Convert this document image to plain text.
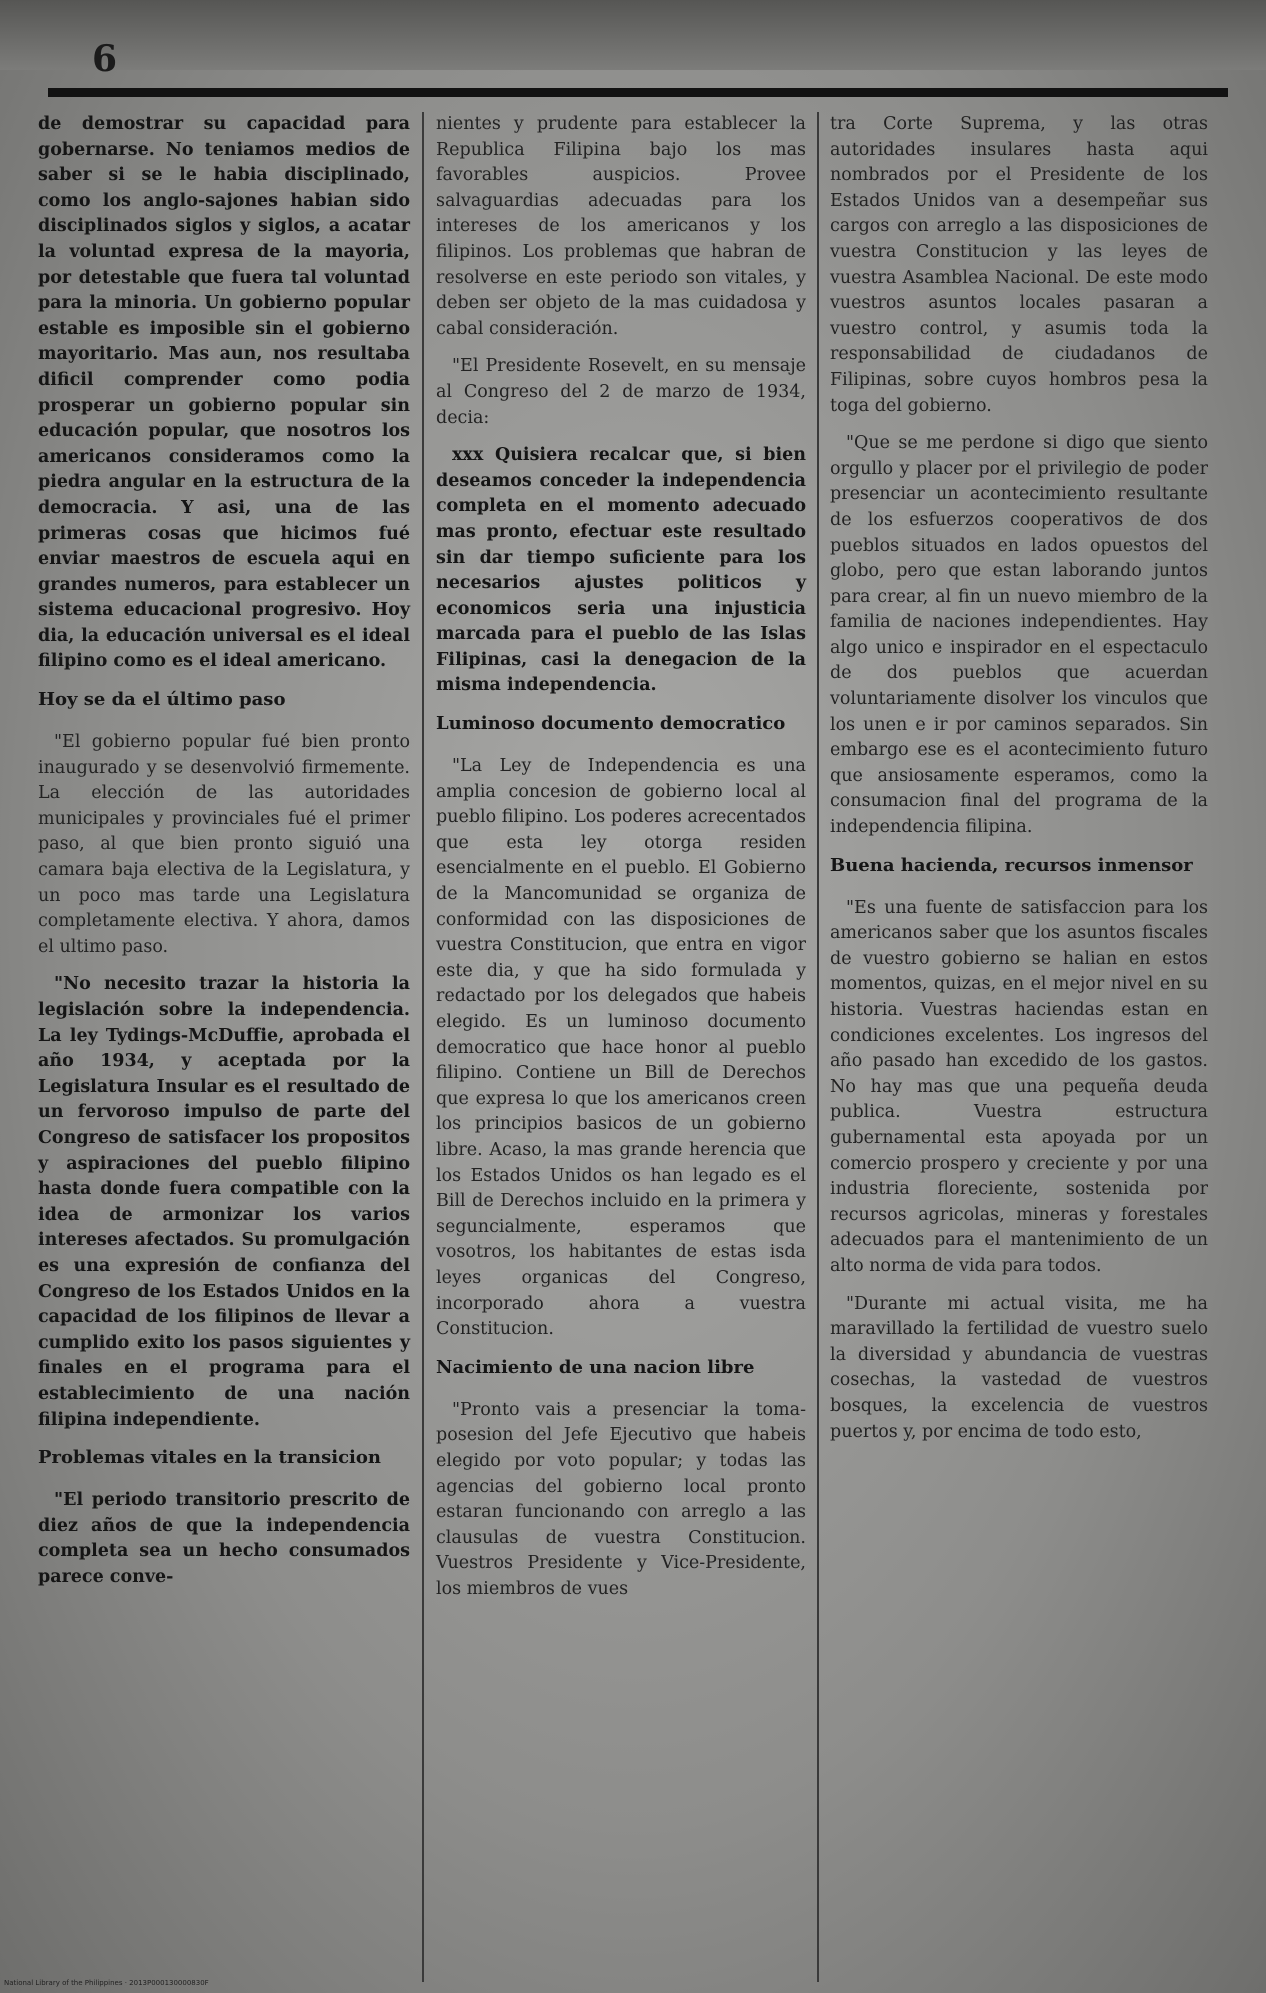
6

de demostrar su capacidad para gobernarse. No teniamos medios de saber si se le habia disciplinado, como los anglo-sajones habian sido disciplinados siglos y siglos, a acatar la voluntad expresa de la mayoria, por detestable que fuera tal voluntad para la minoria. Un gobierno popular estable es imposible sin el gobierno mayoritario. Mas aun, nos resultaba dificil comprender como podia prosperar un gobierno popular sin educación popular, que nosotros los americanos consideramos como la piedra angular en la estructura de la democracia. Y asi, una de las primeras cosas que hicimos fué enviar maestros de escuela aqui en grandes numeros, para establecer un sistema educacional progresivo. Hoy dia, la educación universal es el ideal filipino como es el ideal americano.

Hoy se da el último paso

"El gobierno popular fué bien pronto inaugurado y se desenvolvió firmemente. La elección de las autoridades municipales y provinciales fué el primer paso, al que bien pronto siguió una camara baja electiva de la Legislatura, y un poco mas tarde una Legislatura completamente electiva. Y ahora, damos el ultimo paso.

"No necesito trazar la historia la legislación sobre la independencia. La ley Tydings-McDuffie, aprobada el año 1934, y aceptada por la Legislatura Insular es el resultado de un fervoroso impulso de parte del Congreso de satisfacer los propositos y aspiraciones del pueblo filipino hasta donde fuera compatible con la idea de armonizar los varios intereses afectados. Su promulgación es una expresión de confianza del Congreso de los Estados Unidos en la capacidad de los filipinos de llevar a cumplido exito los pasos siguientes y finales en el programa para el establecimiento de una nación filipina independiente.

Problemas vitales en la transicion

"El periodo transitorio prescrito de diez años de que la independencia completa sea un hecho consumados parece conve-

nientes y prudente para establecer la Republica Filipina bajo los mas favorables auspicios. Provee salvaguardias adecuadas para los intereses de los americanos y los filipinos. Los problemas que habran de resolverse en este periodo son vitales, y deben ser objeto de la mas cuidadosa y cabal consideración.

"El Presidente Rosevelt, en su mensaje al Congreso del 2 de marzo de 1934, decia:

xxx Quisiera recalcar que, si bien deseamos conceder la independencia completa en el momento adecuado mas pronto, efectuar este resultado sin dar tiempo suficiente para los necesarios ajustes politicos y economicos seria una injusticia marcada para el pueblo de las Islas Filipinas, casi la denegacion de la misma independencia.

Luminoso documento democratico

"La Ley de Independencia es una amplia concesion de gobierno local al pueblo filipino. Los poderes acrecentados que esta ley otorga residen esencialmente en el pueblo. El Gobierno de la Mancomunidad se organiza de conformidad con las disposiciones de vuestra Constitucion, que entra en vigor este dia, y que ha sido formulada y redactado por los delegados que habeis elegido. Es un luminoso documento democratico que hace honor al pueblo filipino. Contiene un Bill de Derechos que expresa lo que los americanos creen los principios basicos de un gobierno libre. Acaso, la mas grande herencia que los Estados Unidos os han legado es el Bill de Derechos incluido en la primera y seguncialmente, esperamos que vosotros, los habitantes de estas isda leyes organicas del Congreso, incorporado ahora a vuestra Constitucion.

Nacimiento de una nacion libre

"Pronto vais a presenciar la toma-posesion del Jefe Ejecutivo que habeis elegido por voto popular; y todas las agencias del gobierno local pronto estaran funcionando con arreglo a las clausulas de vuestra Constitucion. Vuestros Presidente y Vice-Presidente, los miembros de vues

tra Corte Suprema, y las otras autoridades insulares hasta aqui nombrados por el Presidente de los Estados Unidos van a desempeñar sus cargos con arreglo a las disposiciones de vuestra Constitucion y las leyes de vuestra Asamblea Nacional. De este modo vuestros asuntos locales pasaran a vuestro control, y asumis toda la responsabilidad de ciudadanos de Filipinas, sobre cuyos hombros pesa la toga del gobierno.

"Que se me perdone si digo que siento orgullo y placer por el privilegio de poder presenciar un acontecimiento resultante de los esfuerzos cooperativos de dos pueblos situados en lados opuestos del globo, pero que estan laborando juntos para crear, al fin un nuevo miembro de la familia de naciones independientes. Hay algo unico e inspirador en el espectaculo de dos pueblos que acuerdan voluntariamente disolver los vinculos que los unen e ir por caminos separados. Sin embargo ese es el acontecimiento futuro que ansiosamente esperamos, como la consumacion final del programa de la independencia filipina.

Buena hacienda, recursos inmensor

"Es una fuente de satisfaccion para los americanos saber que los asuntos fiscales de vuestro gobierno se halian en estos momentos, quizas, en el mejor nivel en su historia. Vuestras haciendas estan en condiciones excelentes. Los ingresos del año pasado han excedido de los gastos. No hay mas que una pequeña deuda publica. Vuestra estructura gubernamental esta apoyada por un comercio prospero y creciente y por una industria floreciente, sostenida por recursos agricolas, mineras y forestales adecuados para el mantenimiento de un alto norma de vida para todos.

"Durante mi actual visita, me ha maravillado la fertilidad de vuestro suelo la diversidad y abundancia de vuestras cosechas, la vastedad de vuestros bosques, la excelencia de vuestros puertos y, por encima de todo esto,

National Library of the Philippines · 2013P000130000830F
